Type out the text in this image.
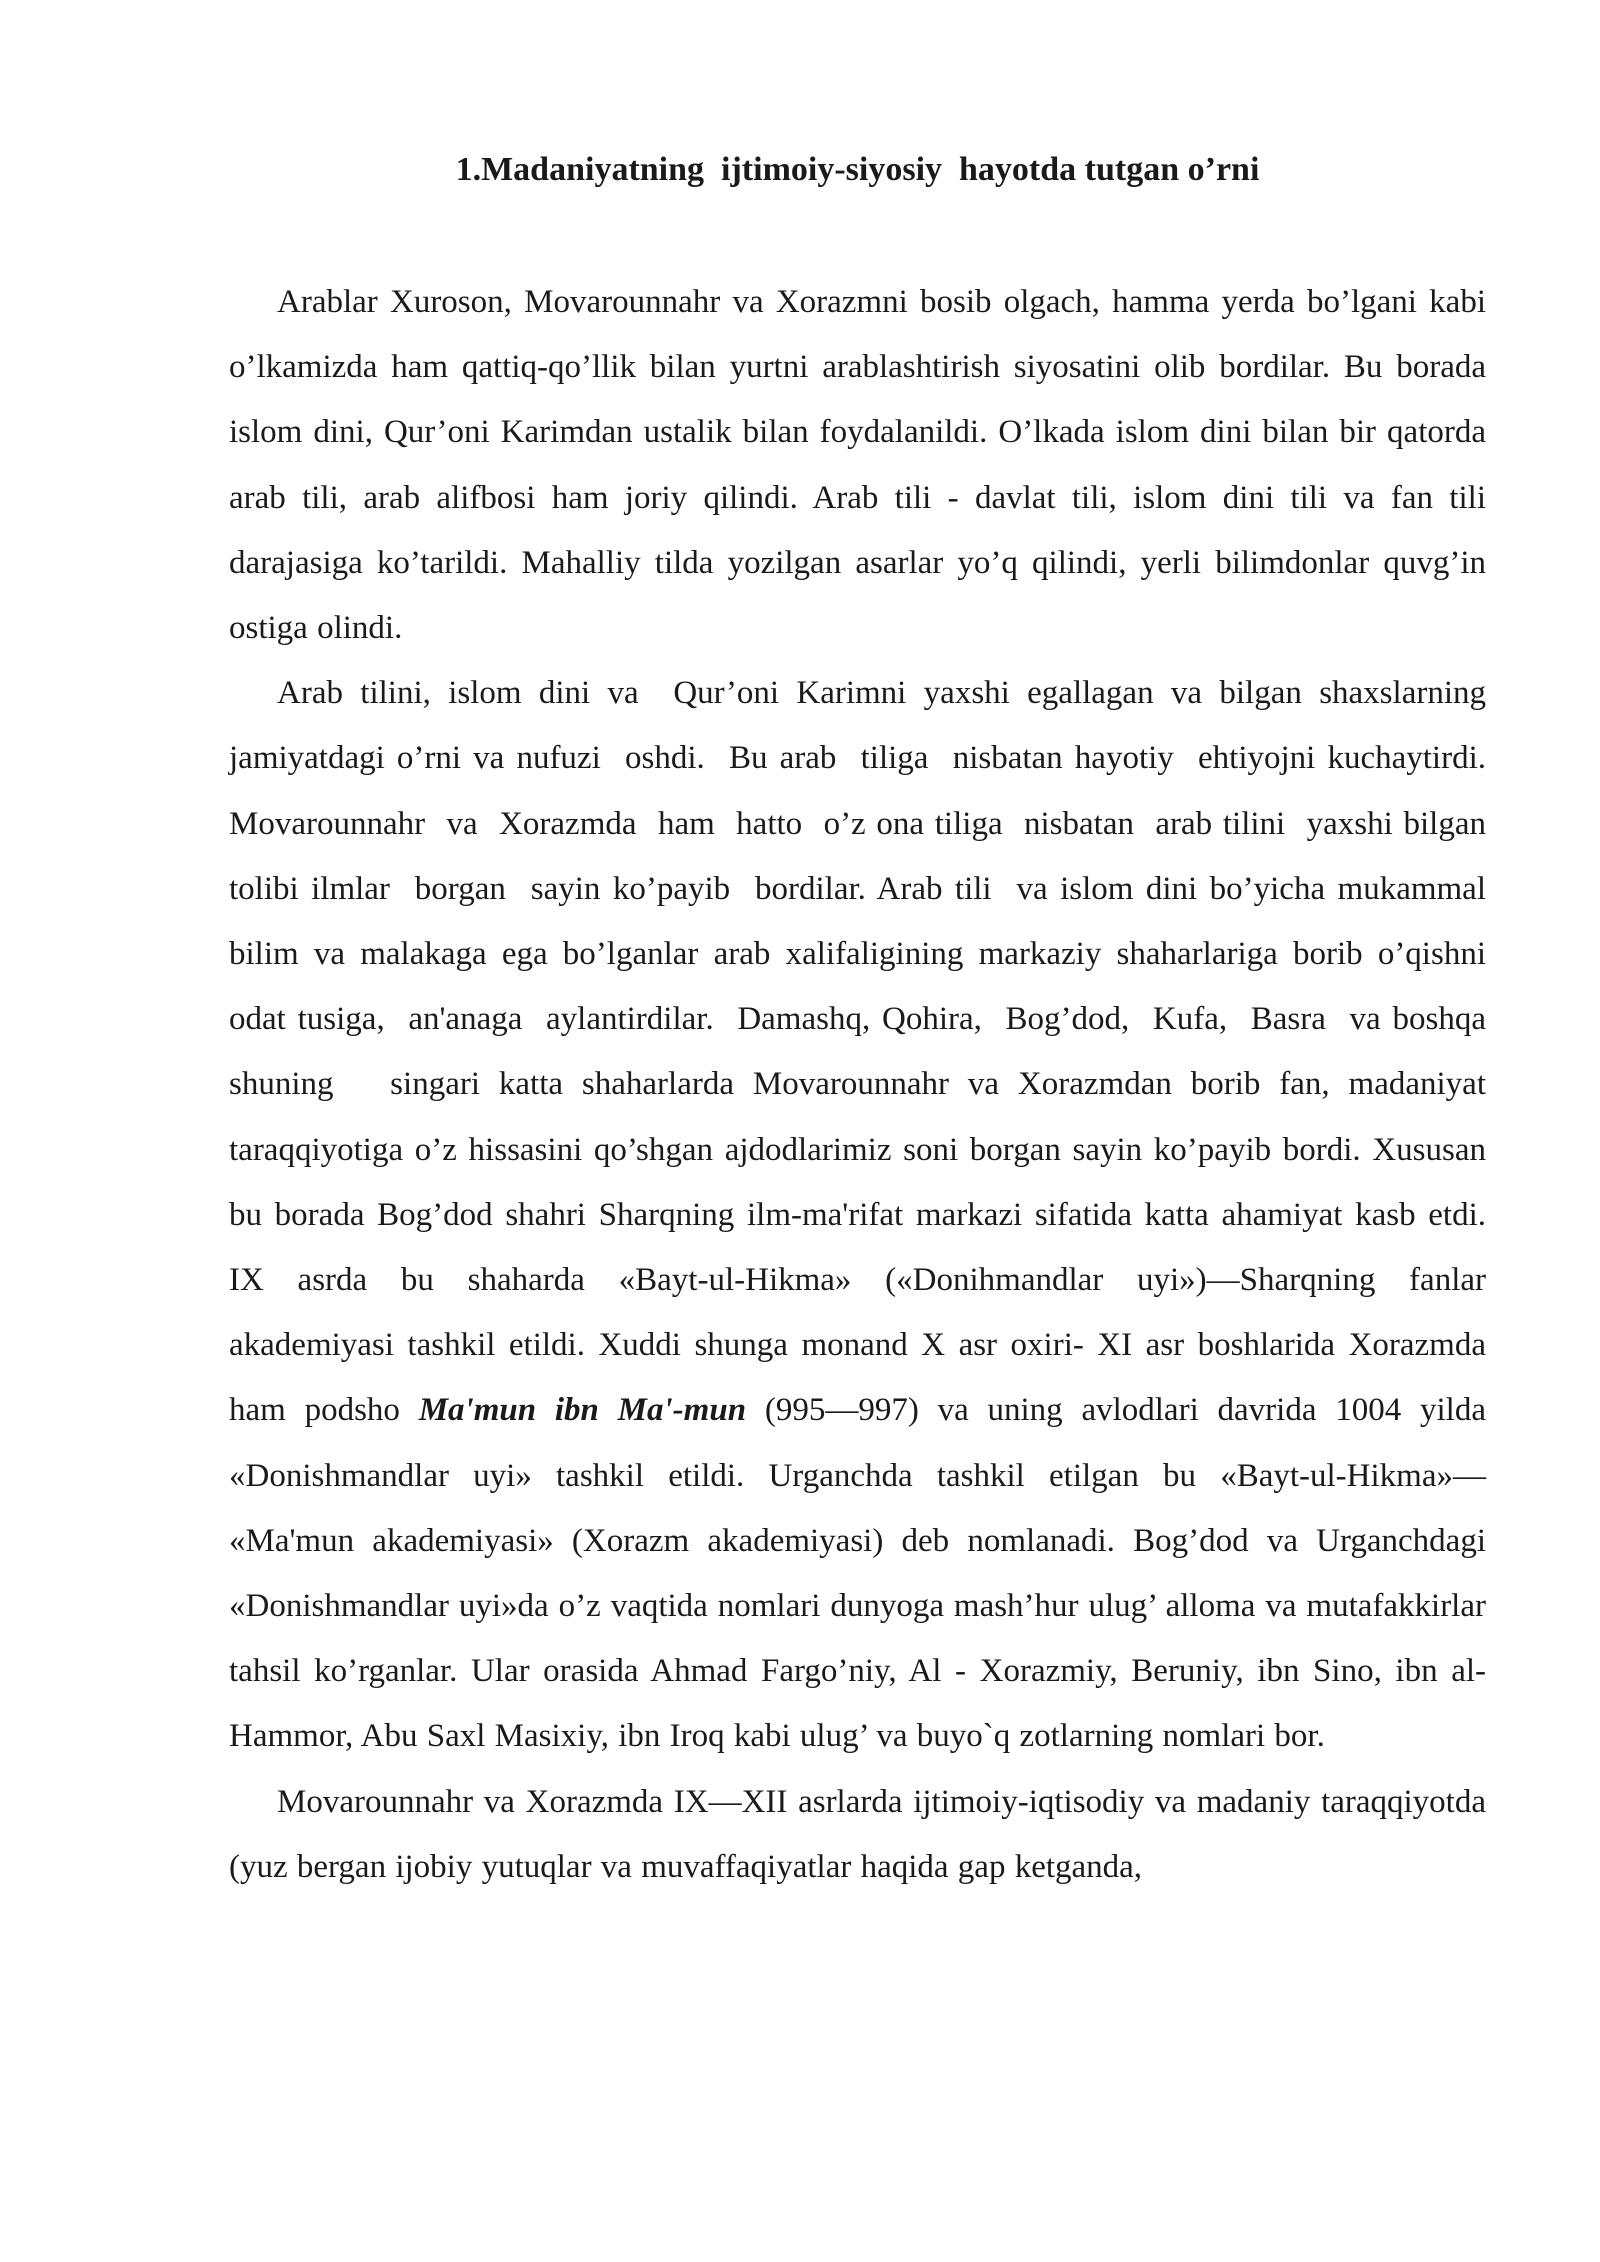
1.Madaniyatning  ijtimoiy-siyosiy  hayotda tutgan o’rni

Arablar Xuroson, Movarounnahr va Xorazmni bosib olgach, hamma yerda bo’lgani kabi o’lkamizda ham qattiq-qo’llik bilan yurtni arablashtirish siyosatini olib bordilar. Bu borada islom dini, Qur’oni Karimdan ustalik bilan foydalanildi. O’lkada islom dini bilan bir qatorda arab tili, arab alifbosi ham joriy qilindi. Arab tili - davlat tili, islom dini tili va fan tili darajasiga ko’tarildi. Mahalliy tilda yozilgan asarlar yo’q qilindi, yerli bilimdonlar quvg’in ostiga olindi.

Arab tilini, islom dini va  Qur’oni Karimni yaxshi egallagan va bilgan shaxslarning jamiyatdagi o’rni va nufuzi  oshdi.  Bu arab  tiliga  nisbatan hayotiy  ehtiyojni kuchaytirdi.  Movarounnahr  va  Xorazmda  ham  hatto  o’z ona tiliga  nisbatan  arab tilini  yaxshi bilgan  tolibi ilmlar  borgan  sayin ko’payib  bordilar. Arab tili  va islom dini bo’yicha mukammal bilim va malakaga ega bo’lganlar arab xalifaligining markaziy shaharlariga borib o’qishni   odat tusiga,  an'anaga  aylantirdilar.  Damashq, Qohira,  Bog’dod,  Kufa,  Basra  va boshqa   shuning   singari katta shaharlarda Movarounnahr va Xorazmdan borib fan, madaniyat taraqqiyotiga o’z hissasini qo’shgan ajdodlarimiz soni borgan sayin ko’payib bordi. Xususan bu borada Bog’dod shahri Sharqning ilm-ma'rifat markazi sifatida katta ahamiyat kasb etdi. IX asrda bu shaharda «Bayt-ul-Hikma» («Donihmandlar uyi»)—Sharqning fanlar akademiyasi tashkil etildi. Xuddi shunga monand X asr oxiri- XI asr boshlarida Xorazmda ham podsho Ma'mun ibn Ma'-mun (995—997) va uning avlodlari davrida 1004 yilda  «Donishmandlar uyi» tashkil etildi. Urganchda tashkil etilgan bu «Bayt-ul-Hikma»— «Ma'mun akademiyasi» (Xorazm akademiyasi) deb nomlanadi. Bog’dod va Urganchdagi «Donishmandlar uyi»da o’z vaqtida nomlari dunyoga mash’hur ulug’ alloma va mutafakkirlar tahsil ko’rganlar. Ular orasida Ahmad Fargo’niy, Al - Xorazmiy, Beruniy, ibn Sino, ibn al-Hammor, Abu Saxl Masixiy, ibn Iroq kabi ulug’ va buyo`q zotlarning nomlari bor.

Movarounnahr va Xorazmda IX—XII asrlarda ijtimoiy-iqtisodiy va madaniy taraqqiyotda (yuz bergan ijobiy yutuqlar va muvaffaqiyatlar haqida gap ketganda,
